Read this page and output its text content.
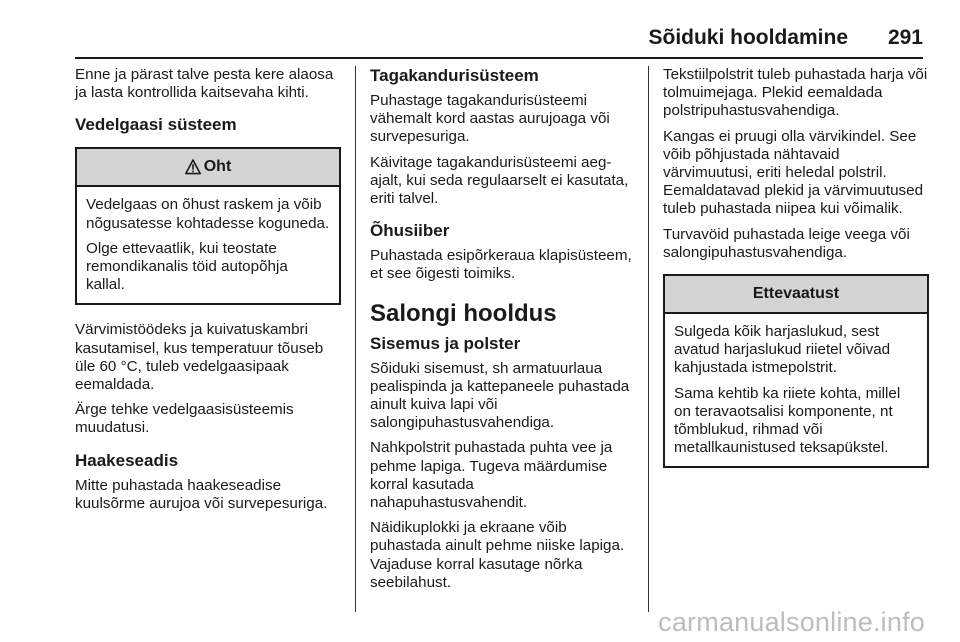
Sõiduki hooldamine 291

Enne ja pärast talve pesta kere alaosa ja lasta kontrollida kaitsevaha kihti.

Vedelgaasi süsteem
Oht

Vedelgaas on õhust raskem ja võib nõgusatesse kohtadesse koguneda.

Olge ettevaatlik, kui teostate remondikanalis töid autopõhja kallal.

Värvimistöödeks ja kuivatuskambri kasutamisel, kus temperatuur tõuseb üle 60 °C, tuleb vedelgaasipaak eemaldada.

Ärge tehke vedelgaasisüsteemis muudatusi.

Haakeseadis

Mitte puhastada haakeseadise kuulsõrme aurujoa või survepesuriga.

Tagakandurisüsteem

Puhastage tagakandurisüsteemi vähemalt kord aastas aurujoaga või survepesuriga.

Käivitage tagakandurisüsteemi aeg-ajalt, kui seda regulaarselt ei kasutata, eriti talvel.

Õhusiiber

Puhastada esipõrkeraua klapisüsteem, et see õigesti toimiks.

Salongi hooldus
Sisemus ja polster

Sõiduki sisemust, sh armatuurlaua pealispinda ja kattepaneele puhastada ainult kuiva lapi või salongipuhastusvahendiga.

Nahkpolstrit puhastada puhta vee ja pehme lapiga. Tugeva määrdumise korral kasutada nahapuhastusvahendit.

Näidikuplokki ja ekraane võib puhastada ainult pehme niiske lapiga. Vajaduse korral kasutage nõrka seebilahust.

Tekstiilpolstrit tuleb puhastada harja või tolmuimejaga. Plekid eemaldada polstripuhastusvahendiga.

Kangas ei pruugi olla värvikindel. See võib põhjustada nähtavaid värvimuutusi, eriti heledal polstril. Eemaldatavad plekid ja värvimuutused tuleb puhastada niipea kui võimalik.

Turvavöid puhastada leige veega või salongipuhastusvahendiga.

Ettevaatust

Sulgeda kõik harjaslukud, sest avatud harjaslukud riietel võivad kahjustada istmepolstrit.

Sama kehtib ka riiete kohta, millel on teravaotsalisi komponente, nt tõmblukud, rihmad või metallkaunistused teksapükstel.

carmanualsonline.info
